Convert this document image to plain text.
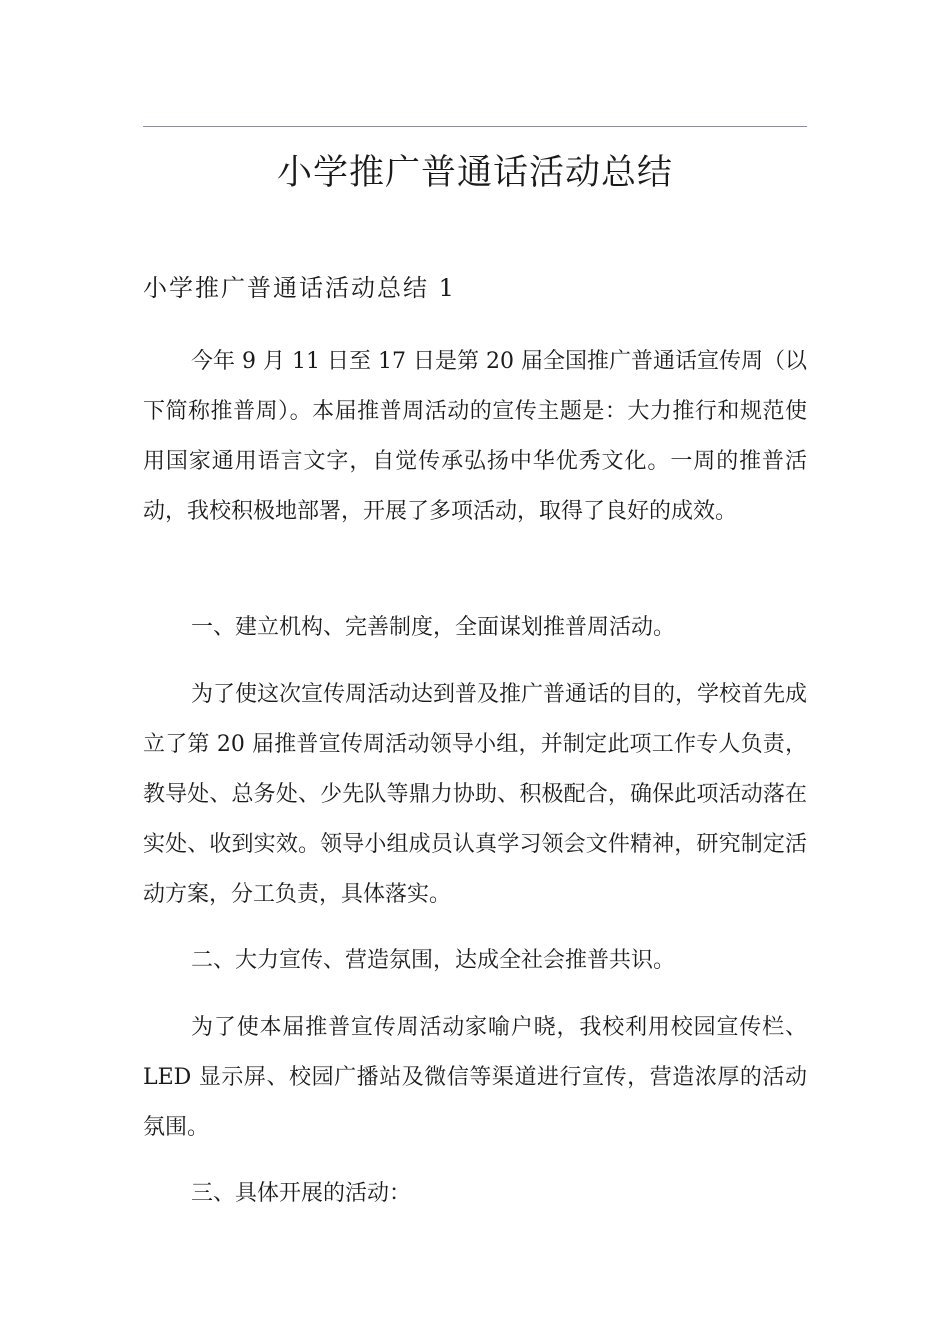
小学推广普通话活动总结
小学推广普通话活动总结 1

今年 9 月 11 日至 17 日是第 20 届全国推广普通话宣传周（以下简称推普周）。本届推普周活动的宣传主题是：大力推行和规范使用国家通用语言文字，自觉传承弘扬中华优秀文化。一周的推普活动，我校积极地部署，开展了多项活动，取得了良好的成效。

一、建立机构、完善制度，全面谋划推普周活动。

为了使这次宣传周活动达到普及推广普通话的目的，学校首先成立了第 20 届推普宣传周活动领导小组，并制定此项工作专人负责，教导处、总务处、少先队等鼎力协助、积极配合，确保此项活动落在实处、收到实效。领导小组成员认真学习领会文件精神，研究制定活动方案，分工负责，具体落实。

二、大力宣传、营造氛围，达成全社会推普共识。

为了使本届推普宣传周活动家喻户晓，我校利用校园宣传栏、LED 显示屏、校园广播站及微信等渠道进行宣传，营造浓厚的活动氛围。

三、具体开展的活动：
